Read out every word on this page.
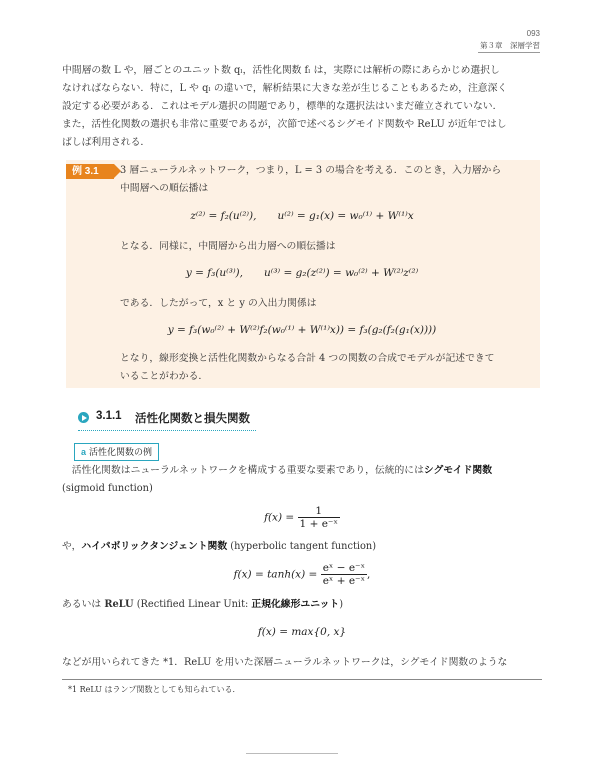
093
第３章　深層学習
中間層の数 L や，層ごとのユニット数 qₗ，活性化関数 fₗ は，実際には解析の際にあらかじめ選択し
なければならない．特に，L や qₗ の違いで，解析結果に大きな差が生じることもあるため，注意深く
設定する必要がある．これはモデル選択の問題であり，標準的な選択法はいまだ確立されていない．
また，活性化関数の選択も非常に重要であるが，次節で述べるシグモイド関数や ReLU が近年ではし
ばしば利用される．
例 3.1	3 層ニューラルネットワーク，つまり，L = 3 の場合を考える．このとき，入力層から
中間層への順伝播は
z⁽²⁾ = f₂(u⁽²⁾),　　u⁽²⁾ = g₁(x) = w₀⁽¹⁾ + W⁽¹⁾x
となる．同様に，中間層から出力層への順伝播は
y = f₃(u⁽³⁾),　　u⁽³⁾ = g₂(z⁽²⁾) = w₀⁽²⁾ + W⁽²⁾z⁽²⁾
である．したがって，x と y の入出力関係は
y = f₃(w₀⁽²⁾ + W⁽²⁾f₂(w₀⁽¹⁾ + W⁽¹⁾x)) = f₃(g₂(f₂(g₁(x))))
となり，線形変換と活性化関数からなる合計 4 つの関数の合成でモデルが記述できて
いることがわかる．
3.1.1 活性化関数と損失関数
a 活性化関数の例
　活性化関数はニューラルネットワークを構成する重要な要素であり，伝統的にはシグモイド関数
(sigmoid function)
$f(x) = \frac{1}{\text{1 + e⁻ˣ}}$
や，ハイパボリックタンジェント関数 (hyperbolic tangent function)
$f(x) = \tanh(x) = \frac{\text{eˣ − e⁻ˣ}}{\text{eˣ + e⁻ˣ}}$ ,
あるいは ReLU (Rectified Linear Unit: 正規化線形ユニット)
f(x) = max{0, x}
などが用いられてきた *1．ReLU を用いた深層ニューラルネットワークは，シグモイド関数のような
*1 ReLU はランプ関数としても知られている．
